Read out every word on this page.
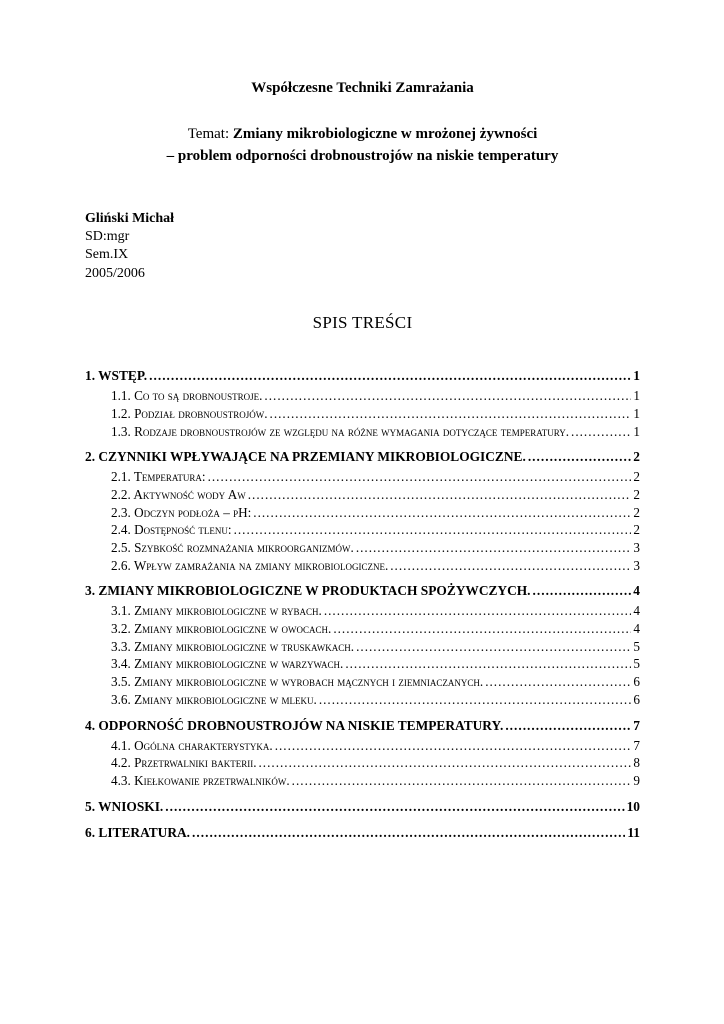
Współczesne Techniki Zamrażania
Temat: Zmiany mikrobiologiczne w mrożonej żywności
– problem odporności drobnoustrojów na niskie temperatury
Gliński Michał
SD:mgr
Sem.IX
2005/2006
SPIS TREŚCI
1. WSTĘP. .....	1
1.1. Co to są drobnoustroje. .....	1
1.2. Podział drobnoustrojów. .....	1
1.3. Rodzaje drobnoustrojów ze względu na różne wymagania dotyczące temperatury. .....	1
2. CZYNNIKI WPŁYWAJĄCE NA PRZEMIANY MIKROBIOLOGICZNE. .....	2
2.1. Temperatura: .....	2
2.2. Aktywność wody Aw .....	2
2.3. Odczyn podłoża – pH: .....	2
2.4. Dostępność tlenu: .....	2
2.5. Szybkość rozmnażania mikroorganizmów. .....	3
2.6. Wpływ zamrażania na zmiany mikrobiologiczne. .....	3
3. ZMIANY MIKROBIOLOGICZNE W PRODUKTACH SPOŻYWCZYCH. .....	4
3.1. Zmiany mikrobiologiczne w rybach. .....	4
3.2. Zmiany mikrobiologiczne w owocach. .....	4
3.3. Zmiany mikrobiologiczne w truskawkach. .....	5
3.4. Zmiany mikrobiologiczne w warzywach. .....	5
3.5. Zmiany mikrobiologiczne w wyrobach mącznych i ziemniaczanych. .....	6
3.6. Zmiany mikrobiologiczne w mleku. .....	6
4. ODPORNOŚĆ DROBNOUSTROJÓW NA NISKIE TEMPERATURY. .....	7
4.1. Ogólna charakterystyka. .....	7
4.2. Przetrwalniki bakterii. .....	8
4.3. Kiełkowanie przetrwalników. .....	9
5. WNIOSKI. .....	10
6. LITERATURA. .....	11
